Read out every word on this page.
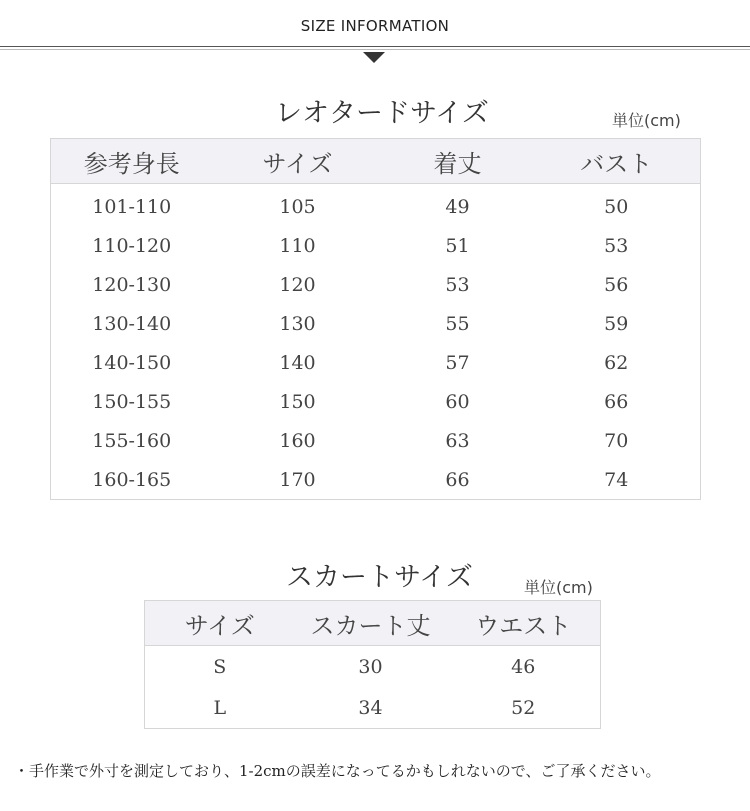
SIZE INFORMATION
レオタードサイズ	単位(cm)
参考身長	サイズ	着丈	バスト
101-110	105	49	50
110-120	110	51	53
120-130	120	53	56
130-140	130	55	59
140-150	140	57	62
150-155	150	60	66
155-160	160	63	70
160-165	170	66	74
スカートサイズ	単位(cm)
サイズ	スカート丈	ウエスト
S	30	46
L	34	52
・手作業で外寸を測定しており、1-2cmの誤差になってるかもしれないので、ご了承ください。
